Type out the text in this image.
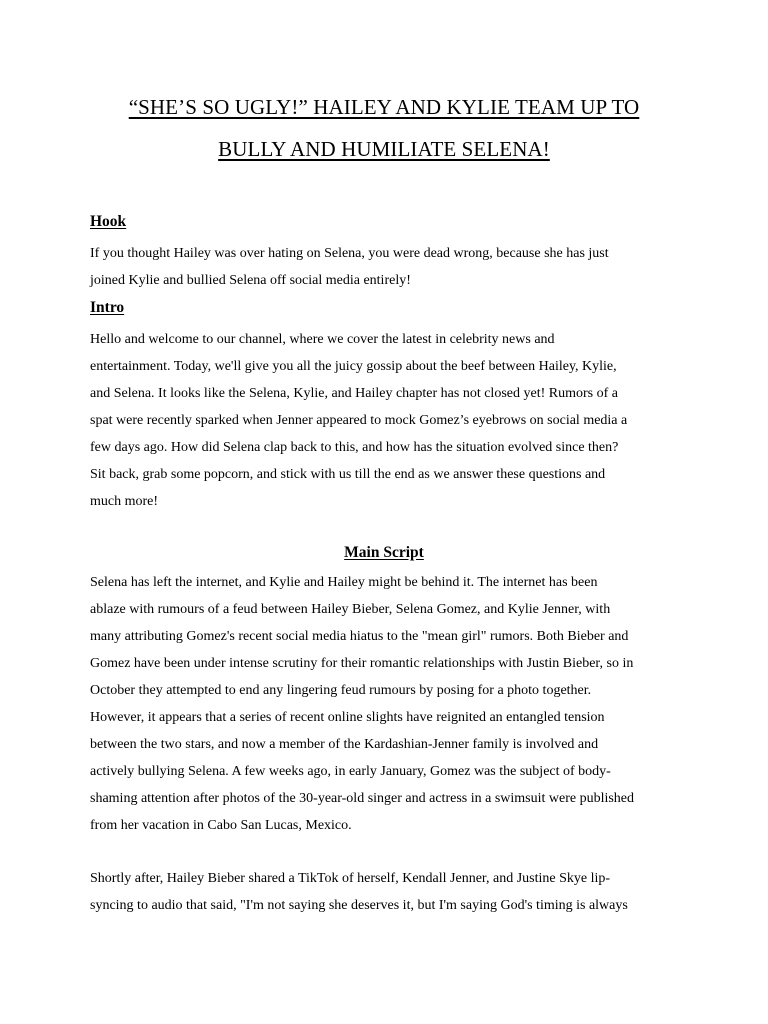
“SHE’S SO UGLY!” HAILEY AND KYLIE TEAM UP TO
BULLY AND HUMILIATE SELENA!
Hook
If you thought Hailey was over hating on Selena, you were dead wrong, because she has just
joined Kylie and bullied Selena off social media entirely!
Intro
Hello and welcome to our channel, where we cover the latest in celebrity news and
entertainment. Today, we'll give you all the juicy gossip about the beef between Hailey, Kylie,
and Selena. It looks like the Selena, Kylie, and Hailey chapter has not closed yet! Rumors of a
spat were recently sparked when Jenner appeared to mock Gomez’s eyebrows on social media a
few days ago. How did Selena clap back to this, and how has the situation evolved since then?
Sit back, grab some popcorn, and stick with us till the end as we answer these questions and
much more!
Main Script
Selena has left the internet, and Kylie and Hailey might be behind it. The internet has been
ablaze with rumours of a feud between Hailey Bieber, Selena Gomez, and Kylie Jenner, with
many attributing Gomez's recent social media hiatus to the "mean girl" rumors. Both Bieber and
Gomez have been under intense scrutiny for their romantic relationships with Justin Bieber, so in
October they attempted to end any lingering feud rumours by posing for a photo together.
However, it appears that a series of recent online slights have reignited an entangled tension
between the two stars, and now a member of the Kardashian-Jenner family is involved and
actively bullying Selena. A few weeks ago, in early January, Gomez was the subject of body-
shaming attention after photos of the 30-year-old singer and actress in a swimsuit were published
from her vacation in Cabo San Lucas, Mexico.
Shortly after, Hailey Bieber shared a TikTok of herself, Kendall Jenner, and Justine Skye lip-
syncing to audio that said, "I'm not saying she deserves it, but I'm saying God's timing is always
